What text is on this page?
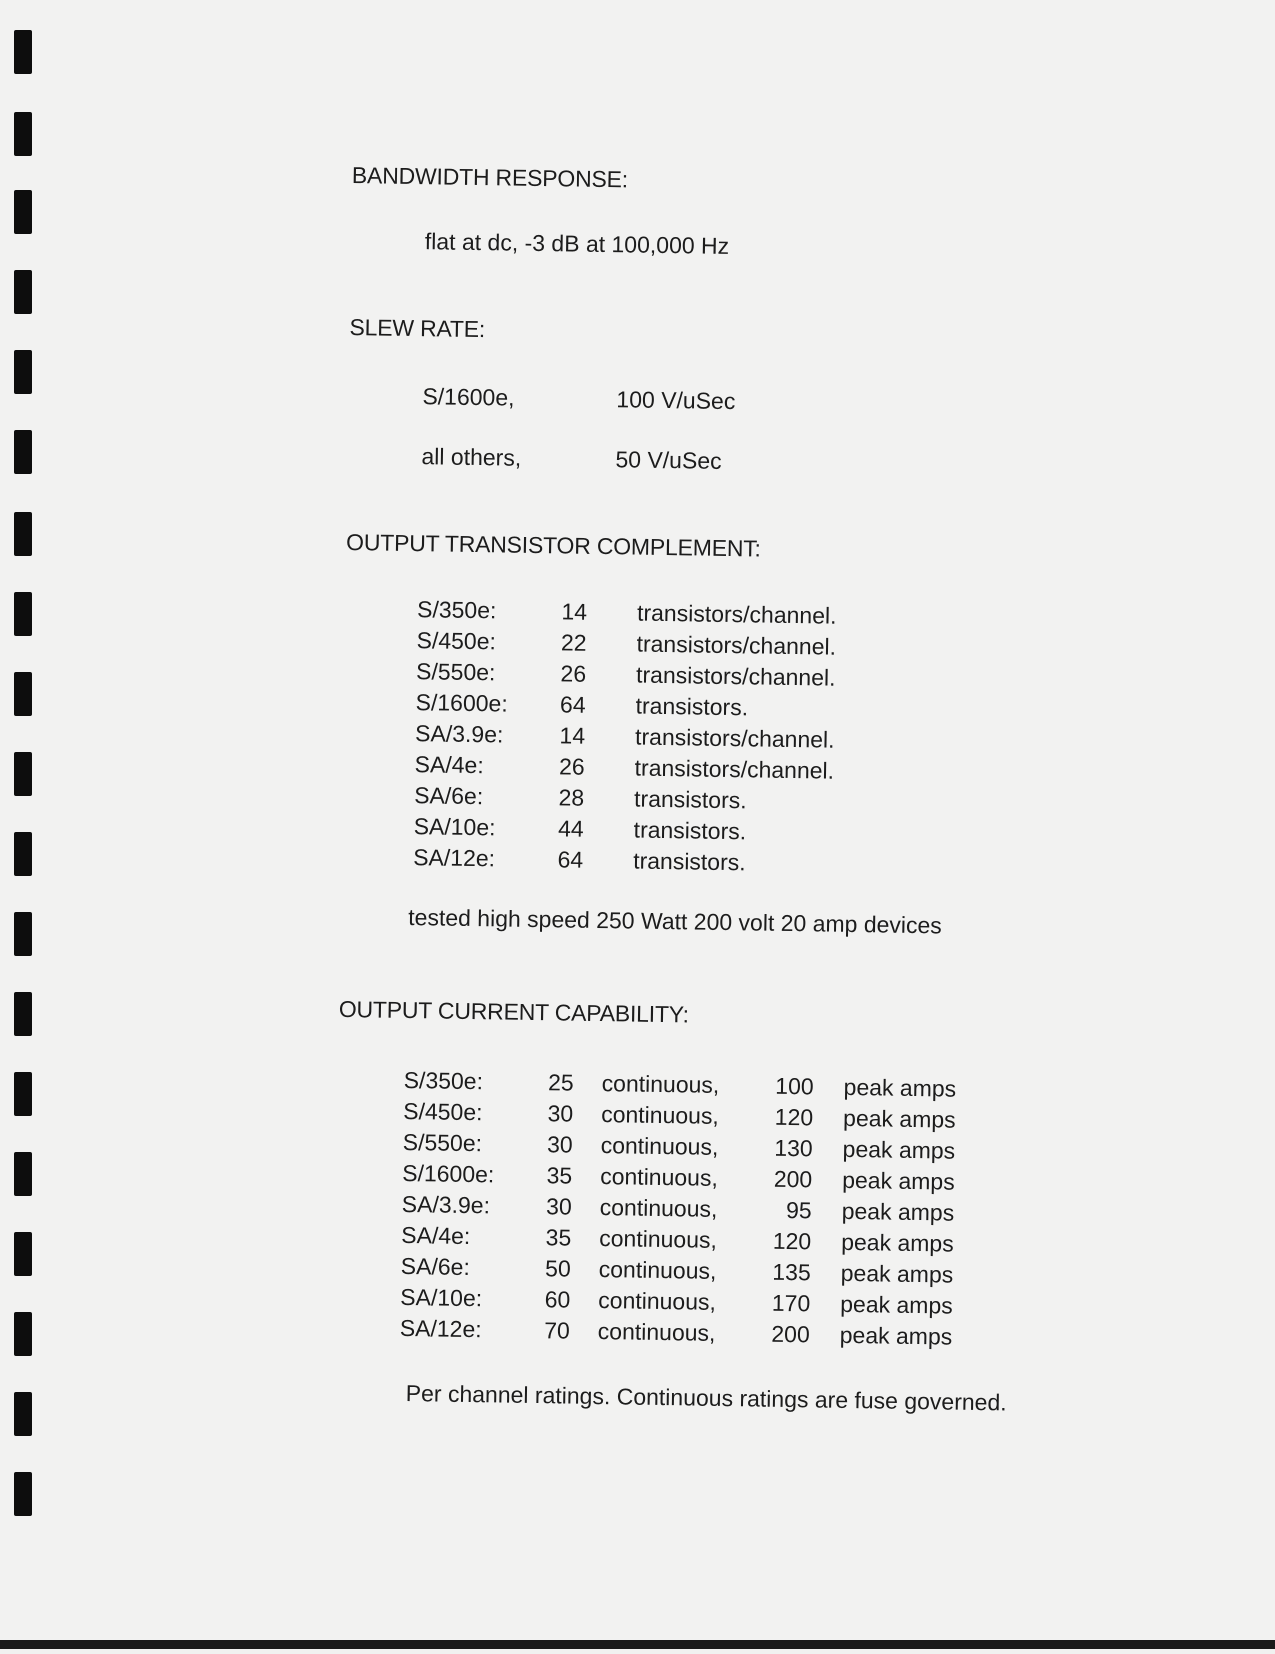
BANDWIDTH RESPONSE:
flat at dc, -3 dB at 100,000 Hz
SLEW RATE:
S/1600e,	100 V/uSec
all others,	50 V/uSec
OUTPUT TRANSISTOR COMPLEMENT:
S/350e:	14 transistors/channel.
S/450e:	22 transistors/channel.
S/550e:	26 transistors/channel.
S/1600e: 64 transistors.
SA/3.9e: 14 transistors/channel.
SA/4e:	26 transistors/channel.
SA/6e:	28 transistors.
SA/10e:	44 transistors.
SA/12e:	64 transistors.
tested high speed 250 Watt 200 volt 20 amp devices
OUTPUT CURRENT CAPABILITY:
S/350e:	25 continuous, 100 peak amps
S/450e:	30 continuous, 120 peak amps
S/550e:	30 continuous, 130 peak amps
S/1600e: 35 continuous, 200 peak amps
SA/3.9e: 30 continuous,	95 peak amps
SA/4e:	35 continuous, 120 peak amps
SA/6e:	50 continuous, 135 peak amps
SA/10e:	60 continuous, 170 peak amps
SA/12e:	70 continuous, 200 peak amps
Per channel ratings. Continuous ratings are fuse governed.
